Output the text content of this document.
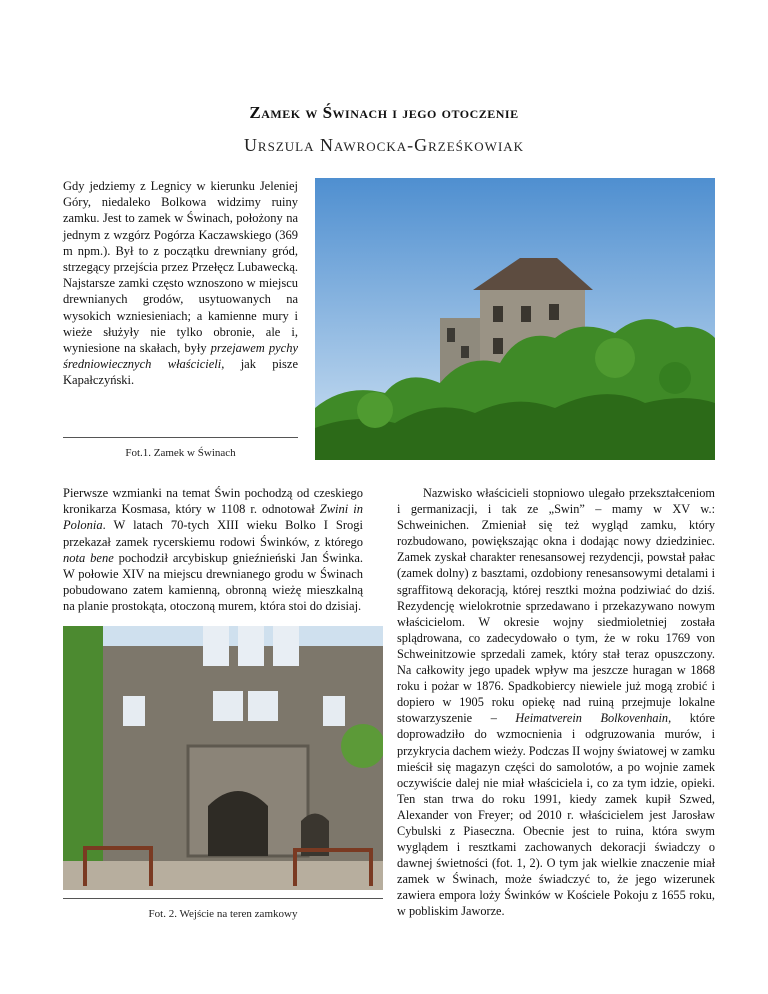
Zamek w Świnach i jego otoczenie
Urszula Nawrocka-Grześkowiak

Gdy jedziemy z Legnicy w kierunku Jeleniej Góry, niedaleko Bolkowa widzimy ruiny zamku. Jest to zamek w Świnach, położony na jednym z wzgórz Pogórza Kaczawskiego (369 m npm.). Był to z początku drewniany gród, strzegący przejścia przez Przełęcz Lubawecką. Najstarsze zamki często wznoszono w miejscu drewnianych grodów, usytuowanych na wysokich wzniesieniach; a kamienne mury i wieże służyły nie tylko obronie, ale i, wyniesione na skałach, były przejawem pychy średniowiecznych właścicieli, jak pisze Kapałczyński.

Fot.1. Zamek w Świnach

Pierwsze wzmianki na temat Świn pochodzą od czeskiego kronikarza Kosmasa, który w 1108 r. odnotował Zwini in Polonia. W latach 70-tych XIII wieku Bolko I Srogi przekazał zamek rycerskiemu rodowi Świnków, z którego nota bene pochodził arcybiskup gnieźnieński Jan Świnka. W połowie XIV na miejscu drewnianego grodu w Świnach pobudowano zatem kamienną, obronną wieżę mieszkalną na planie prostokąta, otoczoną murem, która stoi do dzisiaj.

Fot. 2. Wejście na teren zamkowy

Nazwisko właścicieli stopniowo ulegało przekształceniom i germanizacji, i tak ze „Swin” – mamy w XV w.: Schweinichen. Zmieniał się też wygląd zamku, który rozbudowano, powiększając okna i dodając nowy dziedziniec. Zamek zyskał charakter renesansowej rezydencji, powstał pałac (zamek dolny) z basztami, ozdobiony renesansowymi detalami i sgraffitową dekoracją, której resztki można podziwiać do dziś. Rezydencję wielokrotnie sprzedawano i przekazywano nowym właścicielom. W okresie wojny siedmioletniej została splądrowana, co zadecydowało o tym, że w roku 1769 von Schweinitzowie sprzedali zamek, który stał teraz opuszczony. Na całkowity jego upadek wpływ ma jeszcze huragan w 1868 roku i pożar w 1876. Spadkobiercy niewiele już mogą zrobić i dopiero w 1905 roku opiekę nad ruiną przejmuje lokalne stowarzyszenie – Heimatverein Bolkovenhain, które doprowadziło do wzmocnienia i odgruzowania murów, i przykrycia dachem wieży. Podczas II wojny światowej w zamku mieścił się magazyn części do samolotów, a po wojnie zamek oczywiście dalej nie miał właściciela i, co za tym idzie, opieki. Ten stan trwa do roku 1991, kiedy zamek kupił Szwed, Alexander von Freyer; od 2010 r. właścicielem jest Jarosław Cybulski z Piaseczna. Obecnie jest to ruina, która swym wyglądem i resztkami zachowanych dekoracji świadczy o dawnej świetności (fot. 1, 2). O tym jak wielkie znaczenie miał zamek w Świnach, może świadczyć to, że jego wizerunek zawiera empora loży Świnków w Kościele Pokoju z 1655 roku, w pobliskim Jaworze.
